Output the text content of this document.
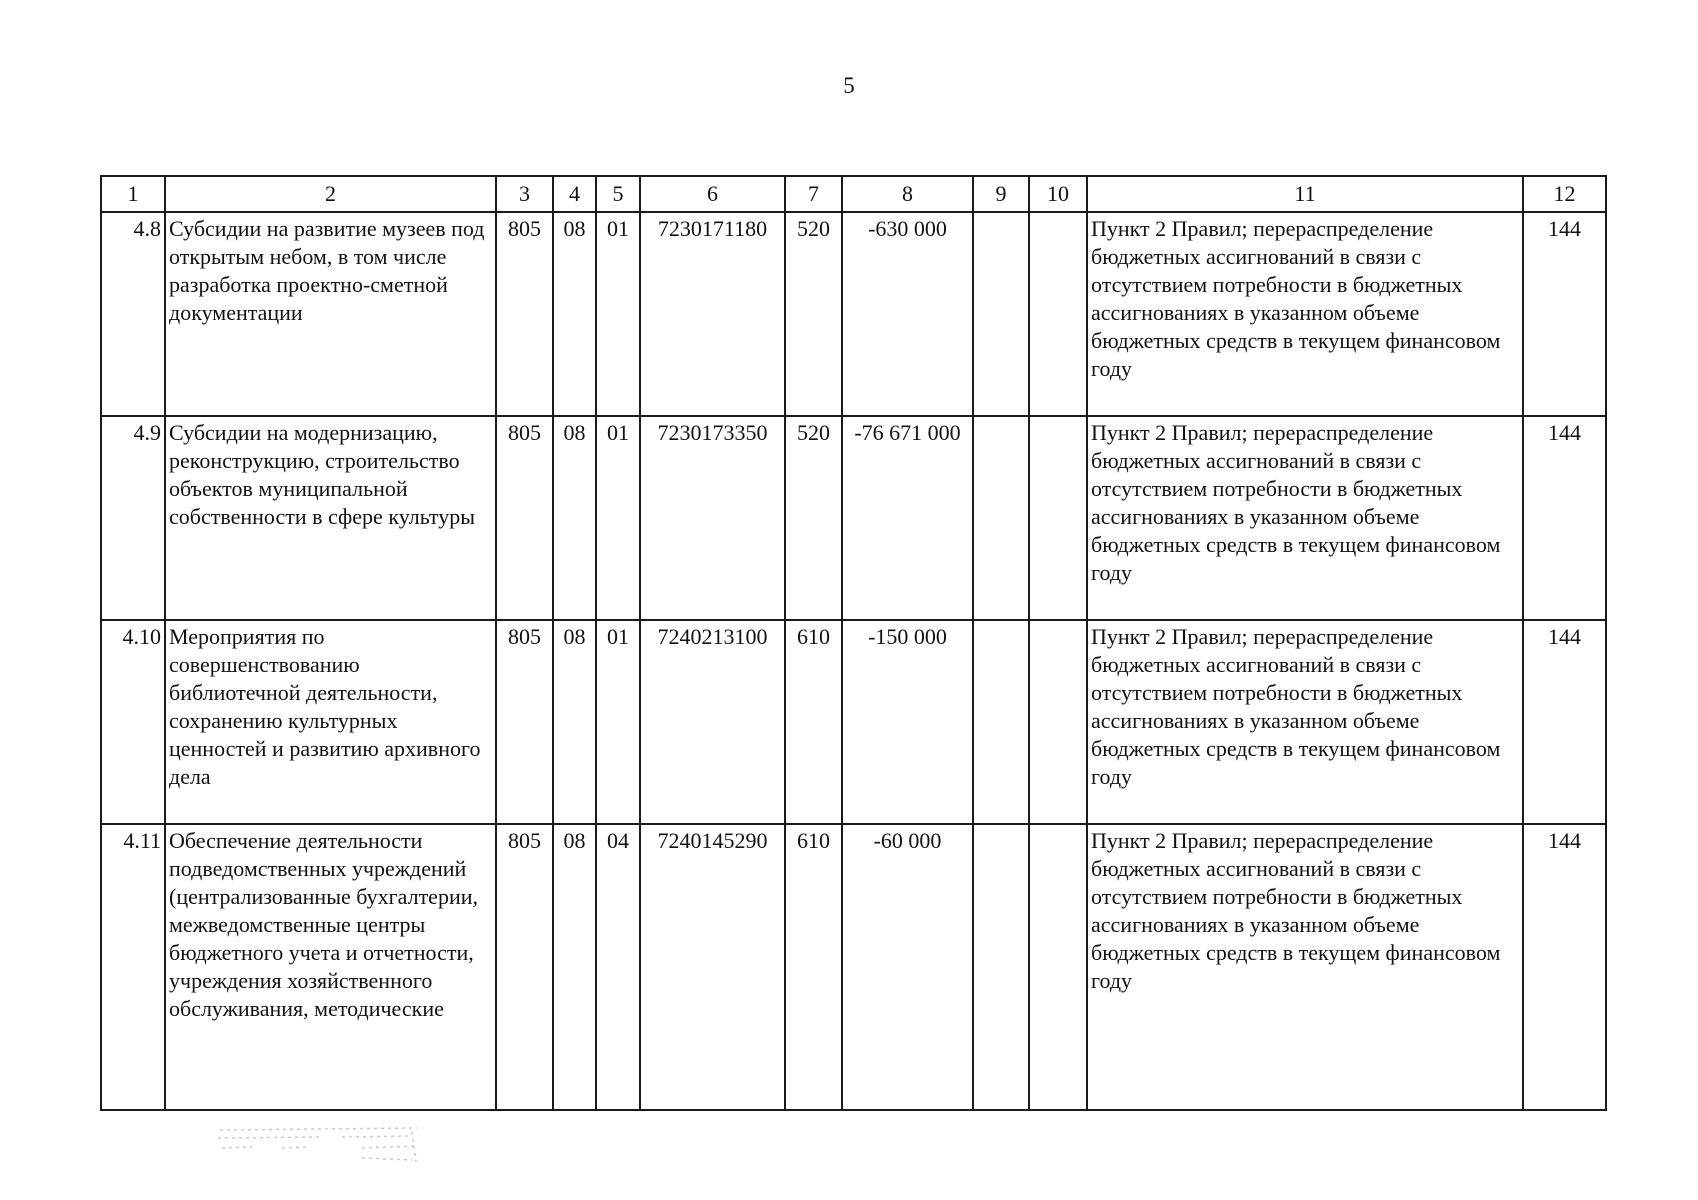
5
1	2	3	4	5	6	7	8	9	10	11	12
4.8	Субсидии на развитие музеев под открытым небом, в том числе разработка проектно-сметной документации	805	08	01	7230171180	520	-630 000			Пункт 2 Правил; перераспределение бюджетных ассигнований в связи с отсутствием потребности в бюджетных ассигнованиях в указанном объеме бюджетных средств в текущем финансовом году	144
4.9	Субсидии на модернизацию, реконструкцию, строительство объектов муниципальной собственности в сфере культуры	805	08	01	7230173350	520	-76 671 000			Пункт 2 Правил; перераспределение бюджетных ассигнований в связи с отсутствием потребности в бюджетных ассигнованиях в указанном объеме бюджетных средств в текущем финансовом году	144
4.10	Мероприятия по совершенствованию библиотечной деятельности, сохранению культурных ценностей и развитию архивного дела	805	08	01	7240213100	610	-150 000			Пункт 2 Правил; перераспределение бюджетных ассигнований в связи с отсутствием потребности в бюджетных ассигнованиях в указанном объеме бюджетных средств в текущем финансовом году	144
4.11	Обеспечение деятельности подведомственных учреждений (централизованные бухгалтерии, межведомственные центры бюджетного учета и отчетности, учреждения хозяйственного обслуживания, методические	805	08	04	7240145290	610	-60 000			Пункт 2 Правил; перераспределение бюджетных ассигнований в связи с отсутствием потребности в бюджетных ассигнованиях в указанном объеме бюджетных средств в текущем финансовом году	144
